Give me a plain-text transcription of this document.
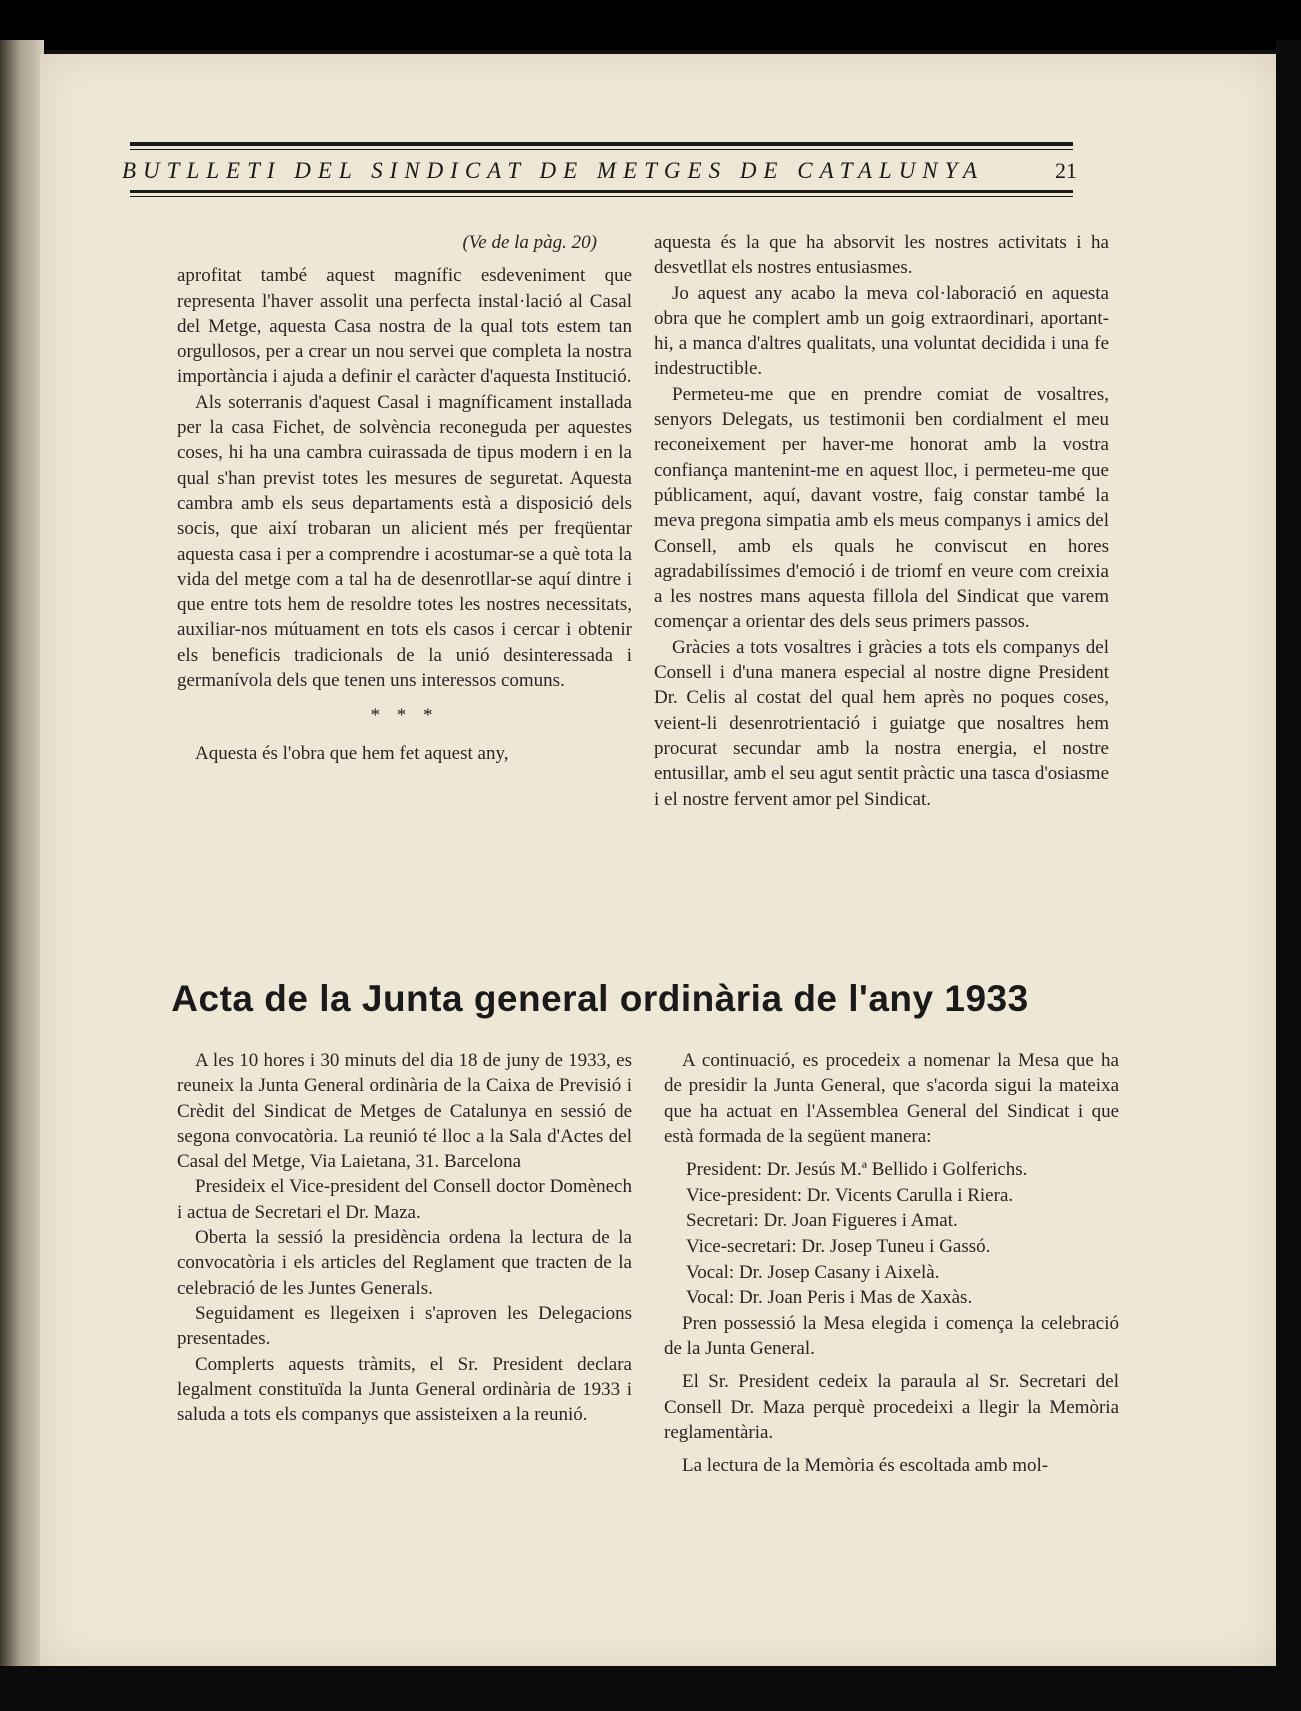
BUTLLETI DEL SINDICAT DE METGES DE CATALUNYA	21

(Ve de la pàg. 20)

aprofitat també aquest magnífic esdeveniment que representa l'haver assolit una perfecta instal·lació al Casal del Metge, aquesta Casa nostra de la qual tots estem tan orgullosos, per a crear un nou servei que completa la nostra importància i ajuda a definir el caràcter d'aquesta Institució.

Als soterranis d'aquest Casal i magníficament installada per la casa Fichet, de solvència reconeguda per aquestes coses, hi ha una cambra cuirassada de tipus modern i en la qual s'han previst totes les mesures de seguretat. Aquesta cambra amb els seus departaments està a disposició dels socis, que així trobaran un alicient més per freqüentar aquesta casa i per a comprendre i acostumar-se a què tota la vida del metge com a tal ha de desenrotllar-se aquí dintre i que entre tots hem de resoldre totes les nostres necessitats, auxiliar-nos mútuament en tots els casos i cercar i obtenir els beneficis tradicionals de la unió desinteressada i germanívola dels que tenen uns interessos comuns.

* * *

Aquesta és l'obra que hem fet aquest any,

aquesta és la que ha absorvit les nostres activitats i ha desvetllat els nostres entusiasmes.

Jo aquest any acabo la meva col·laboració en aquesta obra que he complert amb un goig extraordinari, aportant-hi, a manca d'altres qualitats, una voluntat decidida i una fe indestructible.

Permeteu-me que en prendre comiat de vosaltres, senyors Delegats, us testimonii ben cordialment el meu reconeixement per haver-me honorat amb la vostra confiança mantenint-me en aquest lloc, i permeteu-me que públicament, aquí, davant vostre, faig constar també la meva pregona simpatia amb els meus companys i amics del Consell, amb els quals he conviscut en hores agradabilíssimes d'emoció i de triomf en veure com creixia a les nostres mans aquesta fillola del Sindicat que varem començar a orientar des dels seus primers passos.

Gràcies a tots vosaltres i gràcies a tots els companys del Consell i d'una manera especial al nostre digne President Dr. Celis al costat del qual hem après no poques coses, veient-li desenrotrientació i guiatge que nosaltres hem procurat secundar amb la nostra energia, el nostre entusillar, amb el seu agut sentit pràctic una tasca d'osiasme i el nostre fervent amor pel Sindicat.

Acta de la Junta general ordinària de l'any 1933

A les 10 hores i 30 minuts del dia 18 de juny de 1933, es reuneix la Junta General ordinària de la Caixa de Previsió i Crèdit del Sindicat de Metges de Catalunya en sessió de segona convocatòria. La reunió té lloc a la Sala d'Actes del Casal del Metge, Via Laietana, 31. Barcelona

Presideix el Vice-president del Consell doctor Domènech i actua de Secretari el Dr. Maza.

Oberta la sessió la presidència ordena la lectura de la convocatòria i els articles del Reglament que tracten de la celebració de les Juntes Generals.

Seguidament es llegeixen i s'aproven les Delegacions presentades.

Complerts aquests tràmits, el Sr. President declara legalment constituïda la Junta General ordinària de 1933 i saluda a tots els companys que assisteixen a la reunió.

A continuació, es procedeix a nomenar la Mesa que ha de presidir la Junta General, que s'acorda sigui la mateixa que ha actuat en l'Assemblea General del Sindicat i que està formada de la següent manera:

President: Dr. Jesús M.ª Bellido i Golferichs.
Vice-president: Dr. Vicents Carulla i Riera.
Secretari: Dr. Joan Figueres i Amat.
Vice-secretari: Dr. Josep Tuneu i Gassó.
Vocal: Dr. Josep Casany i Aixelà.
Vocal: Dr. Joan Peris i Mas de Xaxàs.

Pren possessió la Mesa elegida i comença la celebració de la Junta General.

El Sr. President cedeix la paraula al Sr. Secretari del Consell Dr. Maza perquè procedeixi a llegir la Memòria reglamentària.

La lectura de la Memòria és escoltada amb mol-
